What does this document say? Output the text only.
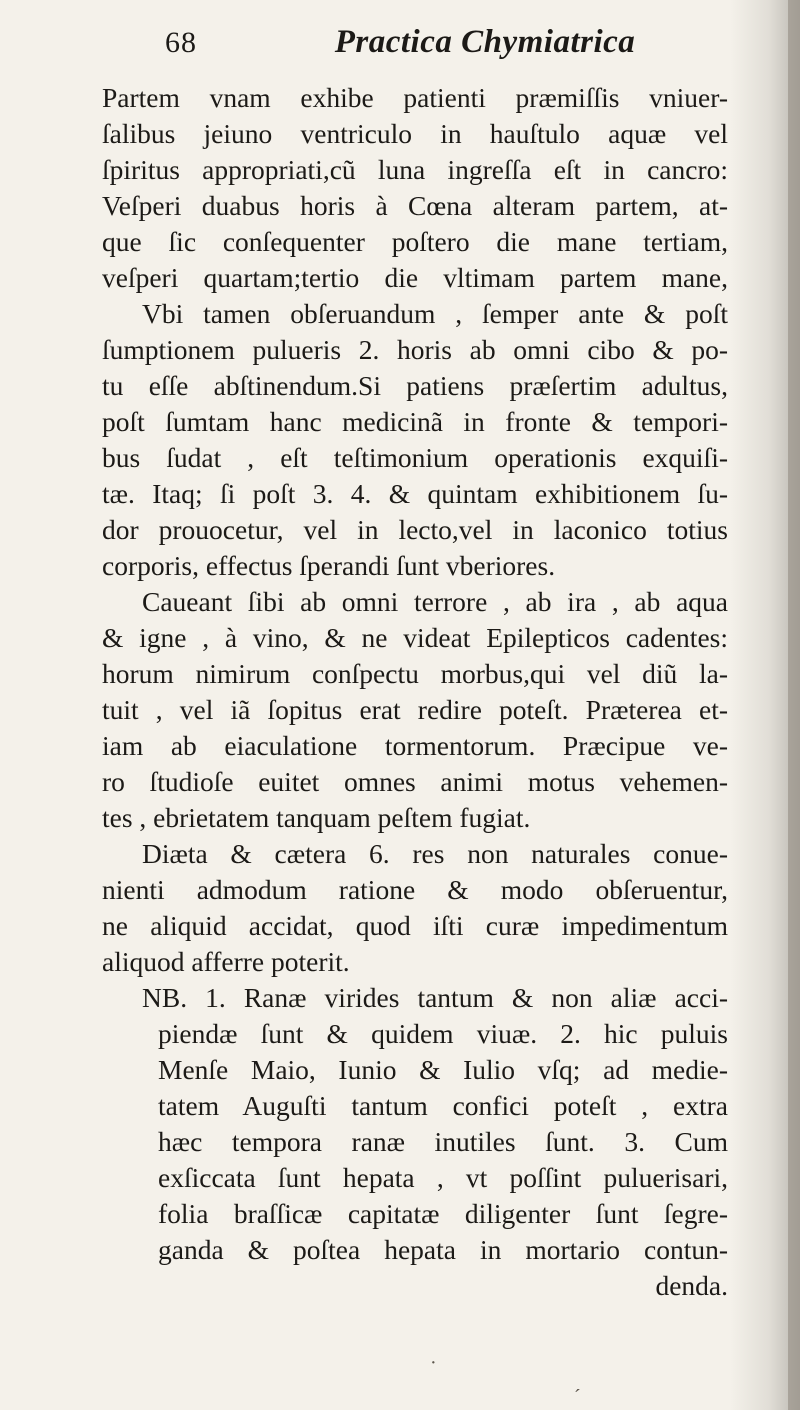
68	Practica Chymiatrica
Partem vnam exhibe patienti præmiſſis vniuer-
ſalibus jeiuno ventriculo in hauſtulo aquæ vel
ſpiritus appropriati,cũ luna ingreſſa eſt in cancro:
Veſperi duabus horis à Cœna alteram partem, at-
que ſic conſequenter poſtero die mane tertiam,
veſperi quartam;tertio die vltimam partem mane,
Vbi tamen obſeruandum , ſemper ante & poſt
ſumptionem pulueris 2. horis ab omni cibo & po-
tu eſſe abſtinendum.Si patiens præſertim adultus,
poſt ſumtam hanc medicinã in fronte & tempori-
bus ſudat , eſt teſtimonium operationis exquiſi-
tæ. Itaq; ſi poſt 3. 4. & quintam exhibitionem ſu-
dor prouocetur, vel in lecto,vel in laconico totius
corporis, effectus ſperandi ſunt vberiores.
Caueant ſibi ab omni terrore , ab ira , ab aqua
& igne , à vino, & ne videat Epilepticos cadentes:
horum nimirum conſpectu morbus,qui vel diũ la-
tuit , vel iã ſopitus erat redire poteſt. Præterea et-
iam ab eiaculatione tormentorum. Præcipue ve-
ro ſtudioſe euitet omnes animi motus vehemen-
tes , ebrietatem tanquam peſtem fugiat.
Diæta & cætera 6. res non naturales conue-
nienti admodum ratione & modo obſeruentur,
ne aliquid accidat, quod iſti curæ impedimentum
aliquod afferre poterit.
NB. 1. Ranæ virides tantum & non aliæ acci-
piendæ ſunt & quidem viuæ. 2. hic puluis
Menſe Maio, Iunio & Iulio vſq; ad medie-
tatem Auguſti tantum confici poteſt , extra
hæc tempora ranæ inutiles ſunt. 3. Cum
exſiccata ſunt hepata , vt poſſint puluerisari,
folia braſſicæ capitatæ diligenter ſunt ſegre-
ganda & poſtea hepata in mortario contun-
denda.
·
ˊ
